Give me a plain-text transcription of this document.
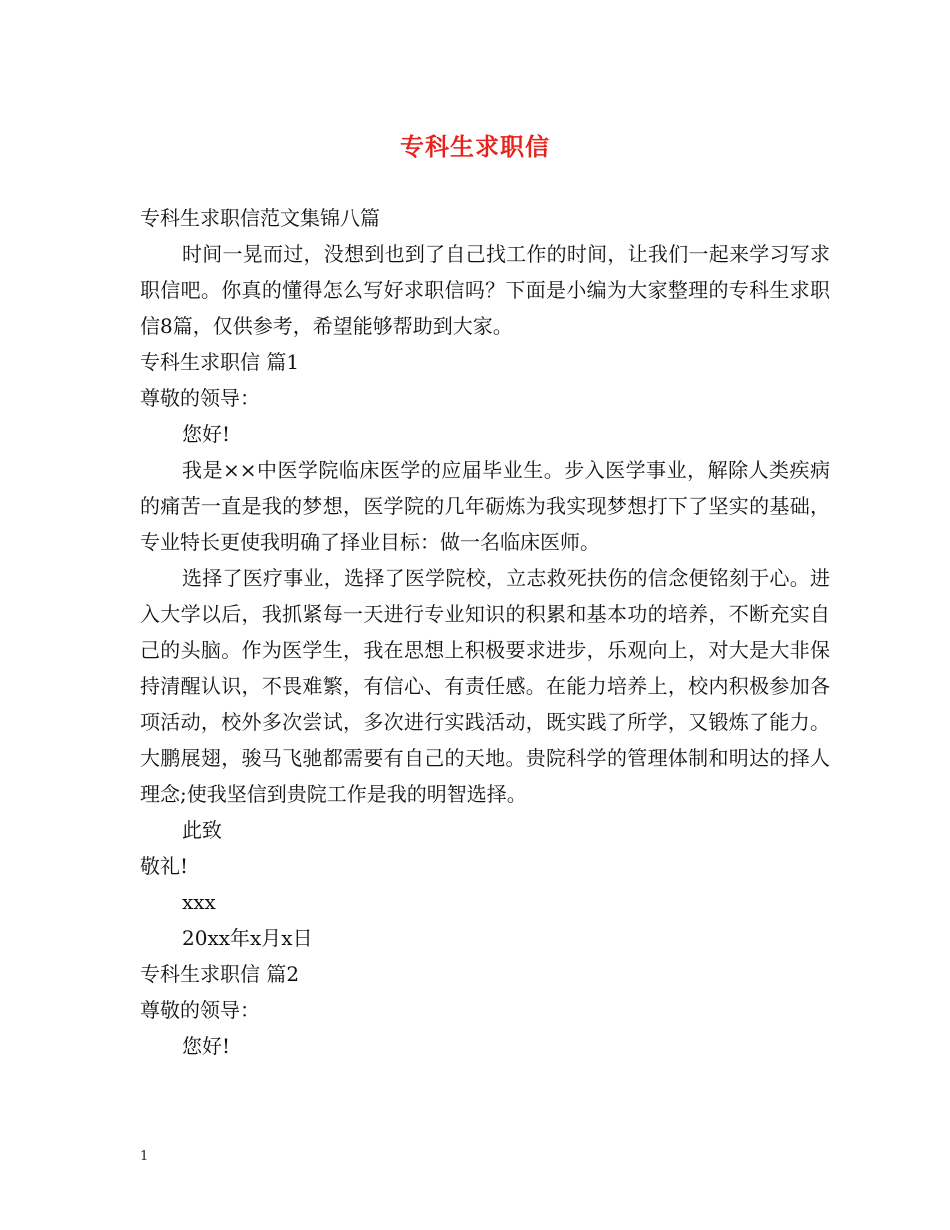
专科生求职信
专科生求职信范文集锦八篇
时间一晃而过，没想到也到了自己找工作的时间，让我们一起来学习写求职信吧。你真的懂得怎么写好求职信吗？下面是小编为大家整理的专科生求职信8篇，仅供参考，希望能够帮助到大家。
专科生求职信 篇1
尊敬的领导：
您好!
我是××中医学院临床医学的应届毕业生。步入医学事业，解除人类疾病的痛苦一直是我的梦想，医学院的几年砺炼为我实现梦想打下了坚实的基础，专业特长更使我明确了择业目标：做一名临床医师。
选择了医疗事业，选择了医学院校，立志救死扶伤的信念便铭刻于心。进入大学以后，我抓紧每一天进行专业知识的积累和基本功的培养，不断充实自己的头脑。作为医学生，我在思想上积极要求进步，乐观向上，对大是大非保持清醒认识，不畏难繁，有信心、有责任感。在能力培养上，校内积极参加各项活动，校外多次尝试，多次进行实践活动，既实践了所学，又锻炼了能力。大鹏展翅，骏马飞驰都需要有自己的天地。贵院科学的管理体制和明达的择人理念;使我坚信到贵院工作是我的明智选择。
此致
敬礼!
xxx
20xx年x月x日
专科生求职信 篇2
尊敬的领导：
您好!
1
